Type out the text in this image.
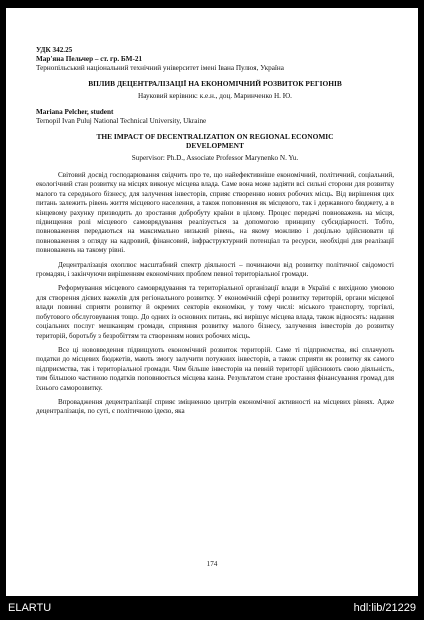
УДК 342.25
Мар'яна Пельчер – ст. гр. БМ-21
Тернопільський національний технічний університет імені Івана Пулюя, Україна
ВПЛИВ ДЕЦЕНТРАЛІЗАЦІЇ НА ЕКОНОМІЧНИЙ РОЗВИТОК РЕГІОНІВ
Науковий керівник: к.е.н., доц. Маринченко Н. Ю.
Mariana Pelcher, student
Ternopil Ivan Puluj National Technical University, Ukraine
THE IMPACT OF DECENTRALIZATION ON REGIONAL ECONOMIC
DEVELOPMENT
Supervisor: Ph.D., Associate Professor Marynenko N. Yu.

Світовий досвід господарювання свідчить про те, що найефективніше економічний, політичний, соціальний, екологічний стан розвитку на місцях виконує місцева влада. Саме вона може задіяти всі сильні сторони для розвитку малого та середнього бізнесу, для залучення інвесторів, сприяє створенню нових робочих місць. Від вирішення цих питань залежить рівень життя місцевого населення, а також поповнення як місцевого, так і державного бюджету, а в кінцевому рахунку призводить до зростання добробуту країни в цілому. Процес передачі повноважень на місця, підвищення ролі місцевого самоврядування реалізується за допомогою принципу субсидіарності. Тобто, повноваження передаються на максимально низький рівень, на якому можливо і доцільно здійснювати ці повноваження з огляду на кадровий, фінансовий, інфраструктурний потенціал та ресурси, необхідні для реалізації повноважень на такому рівні.

Децентралізація охоплює масштабний спектр діяльності – починаючи від розвитку політичної свідомості громадян, і закінчуючи вирішенням економічних проблем певної територіальної громади.

Реформування місцевого самоврядування та територіальної організації влади в Україні є вихідною умовою для створення дієвих важелів для регіонального розвитку. У економічній сфері розвитку територій, органи місцевої влади повинні сприяти розвитку й окремих секторів економіки, у тому числі: міського транспорту, торгівлі, побутового обслуговування тощо. До одних із основних питань, які вирішує місцева влада, також відносять: надання соціальних послуг мешканцям громади, сприяння розвитку малого бізнесу, залучення інвесторів до розвитку територій, боротьбу з безробіттям та створенням нових робочих місць.

Все ці нововведення підвищують економічний розвиток територій. Саме ті підприємства, які сплачують податки до місцевих бюджетів, мають змогу залучити потужних інвесторів, а також сприяти як розвитку як самого підприємства, так і територіальної громади. Чим більше інвесторів на певній території здійснюють свою діяльність, тим більшою частиною податків поповнюється місцева казна. Результатом стане зростання фінансування громад для їхнього саморозвитку.

Впровадження децентралізації сприяє зміцненню центрів економічної активності на місцевих рівнях. Адже децентралізація, по суті, є політичною ідеєю, яка

174
ELARTU	hdl:lib/21229
